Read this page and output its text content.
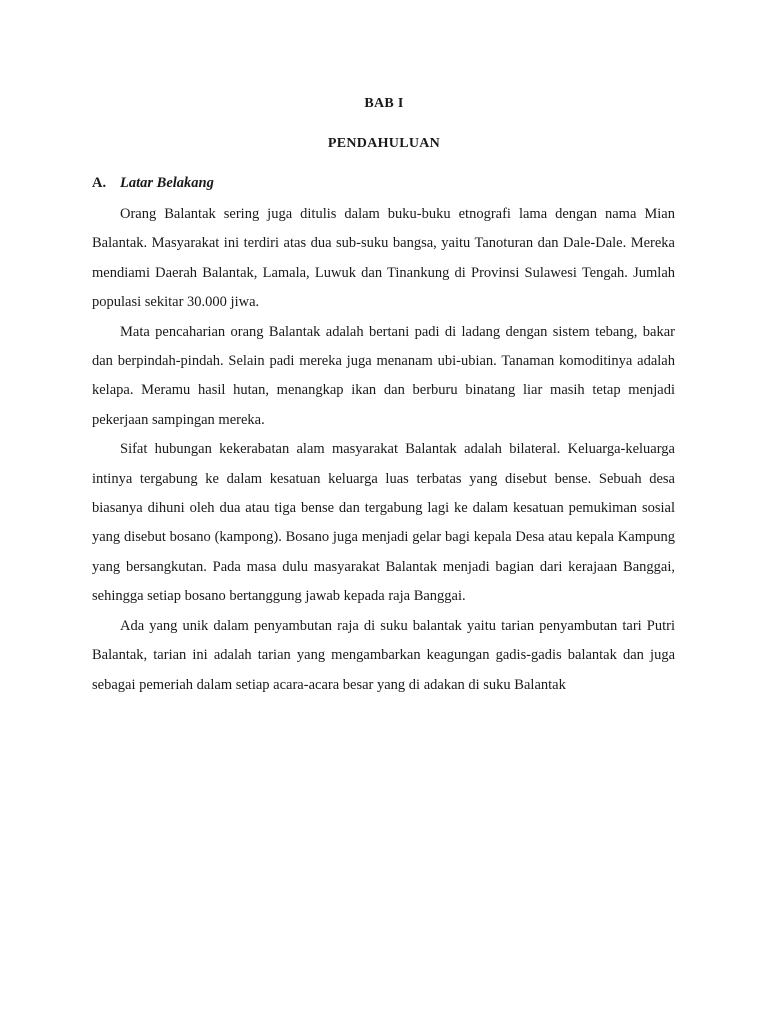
BAB I
PENDAHULUAN
A. Latar Belakang

Orang Balantak sering juga ditulis dalam buku-buku etnografi lama dengan nama Mian Balantak. Masyarakat ini terdiri atas dua sub-suku bangsa, yaitu Tanoturan dan Dale-Dale. Mereka mendiami Daerah Balantak, Lamala, Luwuk dan Tinankung di Provinsi Sulawesi Tengah. Jumlah populasi sekitar 30.000 jiwa.

Mata pencaharian orang Balantak adalah bertani padi di ladang dengan sistem tebang, bakar dan berpindah-pindah. Selain padi mereka juga menanam ubi-ubian. Tanaman komoditinya adalah kelapa. Meramu hasil hutan, menangkap ikan dan berburu binatang liar masih tetap menjadi pekerjaan sampingan mereka.

Sifat hubungan kekerabatan alam masyarakat Balantak adalah bilateral. Keluarga-keluarga intinya tergabung ke dalam kesatuan keluarga luas terbatas yang disebut bense. Sebuah desa biasanya dihuni oleh dua atau tiga bense dan tergabung lagi ke dalam kesatuan pemukiman sosial yang disebut bosano (kampong). Bosano juga menjadi gelar bagi kepala Desa atau kepala Kampung yang bersangkutan. Pada masa dulu masyarakat Balantak menjadi bagian dari kerajaan Banggai, sehingga setiap bosano bertanggung jawab kepada raja Banggai.

Ada yang unik dalam penyambutan raja di suku balantak yaitu tarian penyambutan tari Putri Balantak, tarian ini adalah tarian yang mengambarkan keagungan gadis-gadis balantak dan juga sebagai pemeriah dalam setiap acara-acara besar yang di adakan di suku Balantak
